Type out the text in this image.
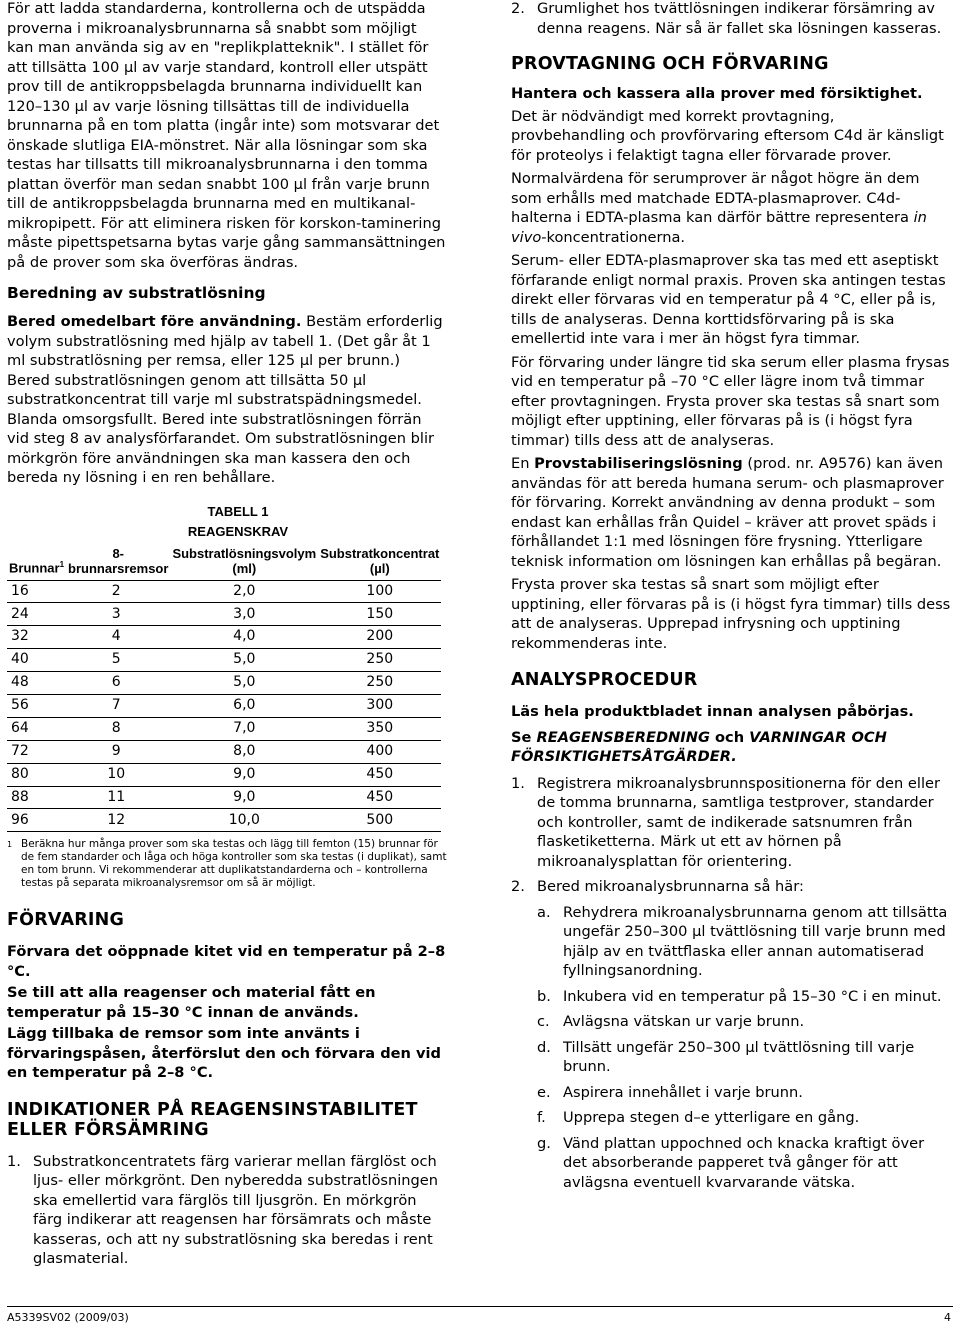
För att ladda standarderna, kontrollerna och de utspädda proverna i mikroanalysbrunnarna så snabbt som möjligt kan man använda sig av en "replikplatteknik". I stället för att tillsätta 100 µl av varje standard, kontroll eller utspätt prov till de antikroppsbelagda brunnarna individuellt kan 120–130 µl av varje lösning tillsättas till de individuella brunnarna på en tom platta (ingår inte) som motsvarar det önskade slutliga EIA-mönstret. När alla lösningar som ska testas har tillsatts till mikroanalysbrunnarna i den tomma plattan överför man sedan snabbt 100 µl från varje brunn till de antikroppsbelagda brunnarna med en multikanal-mikropipett. För att eliminera risken för korskon-taminering måste pipettspetsarna bytas varje gång sammansättningen på de prover som ska överföras ändras.

Beredning av substratlösning

Bered omedelbart före användning. Bestäm erforderlig volym substratlösning med hjälp av tabell 1. (Det går åt 1 ml substratlösning per remsa, eller 125 µl per brunn.) Bered substratlösningen genom att tillsätta 50 µl substratkoncentrat till varje ml substratspädningsmedel. Blanda omsorgsfullt. Bered inte substratlösningen förrän vid steg 8 av analysförfarandet. Om substratlösningen blir mörkgrön före användningen ska man kassera den och bereda ny lösning i en ren behållare.

TABELL 1
REAGENSKRAV
Brunnar$^1$	8-brunnarsremsor	Substratlösningsvolym (ml)	Substratkoncentrat (µl)
16	2	2,0	100
24	3	3,0	150
32	4	4,0	200
40	5	5,0	250
48	6	5,0	250
56	7	6,0	300
64	8	7,0	350
72	9	8,0	400
80	10	9,0	450
88	11	9,0	450
96	12	10,0	500
1 Beräkna hur många prover som ska testas och lägg till femton (15) brunnar för de fem standarder och låga och höga kontroller som ska testas (i duplikat), samt en tom brunn. Vi rekommenderar att duplikatstandarderna och – kontrollerna testas på separata mikroanalysremsor om så är möjligt.
FÖRVARING

Förvara det oöppnade kitet vid en temperatur på 2–8 °C.

Se till att alla reagenser och material fått en temperatur på 15–30 °C innan de används.

Lägg tillbaka de remsor som inte använts i förvaringspåsen, återförslut den och förvara den vid en temperatur på 2–8 °C.

INDIKATIONER PÅ REAGENSINSTABILITET ELLER FÖRSÄMRING
1. Substratkoncentratets färg varierar mellan färglöst och ljus- eller mörkgrönt. Den nyberedda substratlösningen ska emellertid vara färglös till ljusgrön. En mörkgrön färg indikerar att reagensen har försämrats och måste kasseras, och att ny substratlösning ska beredas i rent glasmaterial.
2. Grumlighet hos tvättlösningen indikerar försämring av denna reagens. När så är fallet ska lösningen kasseras.
PROVTAGNING OCH FÖRVARING

Hantera och kassera alla prover med försiktighet.

Det är nödvändigt med korrekt provtagning, provbehandling och provförvaring eftersom C4d är känsligt för proteolys i felaktigt tagna eller förvarade prover.

Normalvärdena för serumprover är något högre än dem som erhålls med matchade EDTA-plasmaprover. C4d-halterna i EDTA-plasma kan därför bättre representera in vivo-koncentrationerna.

Serum- eller EDTA-plasmaprover ska tas med ett aseptiskt förfarande enligt normal praxis. Proven ska antingen testas direkt eller förvaras vid en temperatur på 4 °C, eller på is, tills de analyseras. Denna korttidsförvaring på is ska emellertid inte vara i mer än högst fyra timmar.

För förvaring under längre tid ska serum eller plasma frysas vid en temperatur på –70 °C eller lägre inom två timmar efter provtagningen. Frysta prover ska testas så snart som möjligt efter upptining, eller förvaras på is (i högst fyra timmar) tills dess att de analyseras.

En Provstabiliseringslösning (prod. nr. A9576) kan även användas för att bereda humana serum- och plasmaprover för förvaring. Korrekt användning av denna produkt – som endast kan erhållas från Quidel – kräver att provet späds i förhållandet 1:1 med lösningen före frysning. Ytterligare teknisk information om lösningen kan erhållas på begäran.

Frysta prover ska testas så snart som möjligt efter upptining, eller förvaras på is (i högst fyra timmar) tills dess att de analyseras. Upprepad infrysning och upptining rekommenderas inte.

ANALYSPROCEDUR

Läs hela produktbladet innan analysen påbörjas.

Se REAGENSBEREDNING och VARNINGAR OCH FÖRSIKTIGHETSÅTGÄRDER.

1. Registrera mikroanalysbrunnspositionerna för den eller de tomma brunnarna, samtliga testprover, standarder och kontroller, samt de indikerade satsnumren från flasketiketterna. Märk ut ett av hörnen på mikroanalysplattan för orientering.
2. Bered mikroanalysbrunnarna så här:
a. Rehydrera mikroanalysbrunnarna genom att tillsätta ungefär 250–300 µl tvättlösning till varje brunn med hjälp av en tvättflaska eller annan automatiserad fyllningsanordning.
b. Inkubera vid en temperatur på 15–30 °C i en minut.
c. Avlägsna vätskan ur varje brunn.
d. Tillsätt ungefär 250–300 µl tvättlösning till varje brunn.
e. Aspirera innehållet i varje brunn.
f.	Upprepa stegen d–e ytterligare en gång.
g. Vänd plattan uppochned och knacka kraftigt över det absorberande papperet två gånger för att avlägsna eventuell kvarvarande vätska.
A5339SV02 (2009/03)	4
